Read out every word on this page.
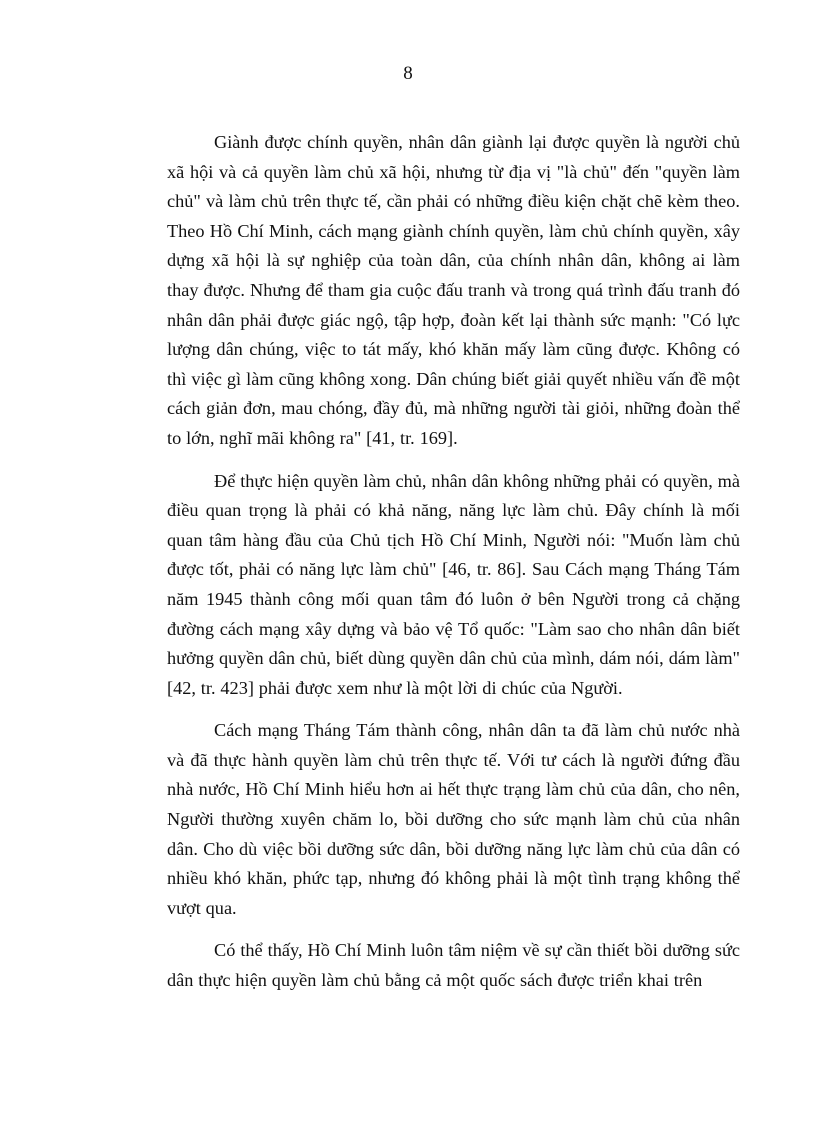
8

Giành được chính quyền, nhân dân giành lại được quyền là người chủ xã hội và cả quyền làm chủ xã hội, nhưng từ địa vị "là chủ" đến "quyền làm chủ" và làm chủ trên thực tế, cần phải có những điều kiện chặt chẽ kèm theo. Theo Hồ Chí Minh, cách mạng giành chính quyền, làm chủ chính quyền, xây dựng xã hội là sự nghiệp của toàn dân, của chính nhân dân, không ai làm thay được. Nhưng để tham gia cuộc đấu tranh và trong quá trình đấu tranh đó nhân dân phải được giác ngộ, tập hợp, đoàn kết lại thành sức mạnh: "Có lực lượng dân chúng, việc to tát mấy, khó khăn mấy làm cũng được. Không có thì việc gì làm cũng không xong. Dân chúng biết giải quyết nhiều vấn đề một cách giản đơn, mau chóng, đầy đủ, mà những người tài giỏi, những đoàn thể to lớn, nghĩ mãi không ra" [41, tr. 169].

Để thực hiện quyền làm chủ, nhân dân không những phải có quyền, mà điều quan trọng là phải có khả năng, năng lực làm chủ. Đây chính là mối quan tâm hàng đầu của Chủ tịch Hồ Chí Minh, Người nói: "Muốn làm chủ được tốt, phải có năng lực làm chủ" [46, tr. 86]. Sau Cách mạng Tháng Tám năm 1945 thành công mối quan tâm đó luôn ở bên Người trong cả chặng đường cách mạng xây dựng và bảo vệ Tổ quốc: "Làm sao cho nhân dân biết hưởng quyền dân chủ, biết dùng quyền dân chủ của mình, dám nói, dám làm" [42, tr. 423] phải được xem như là một lời di chúc của Người.

Cách mạng Tháng Tám thành công, nhân dân ta đã làm chủ nước nhà và đã thực hành quyền làm chủ trên thực tế. Với tư cách là người đứng đầu nhà nước, Hồ Chí Minh hiểu hơn ai hết thực trạng làm chủ của dân, cho nên, Người thường xuyên chăm lo, bồi dưỡng cho sức mạnh làm chủ của nhân dân. Cho dù việc bồi dưỡng sức dân, bồi dưỡng năng lực làm chủ của dân có nhiều khó khăn, phức tạp, nhưng đó không phải là một tình trạng không thể vượt qua.

Có thể thấy, Hồ Chí Minh luôn tâm niệm về sự cần thiết bồi dưỡng sức dân thực hiện quyền làm chủ bằng cả một quốc sách được triển khai trên
